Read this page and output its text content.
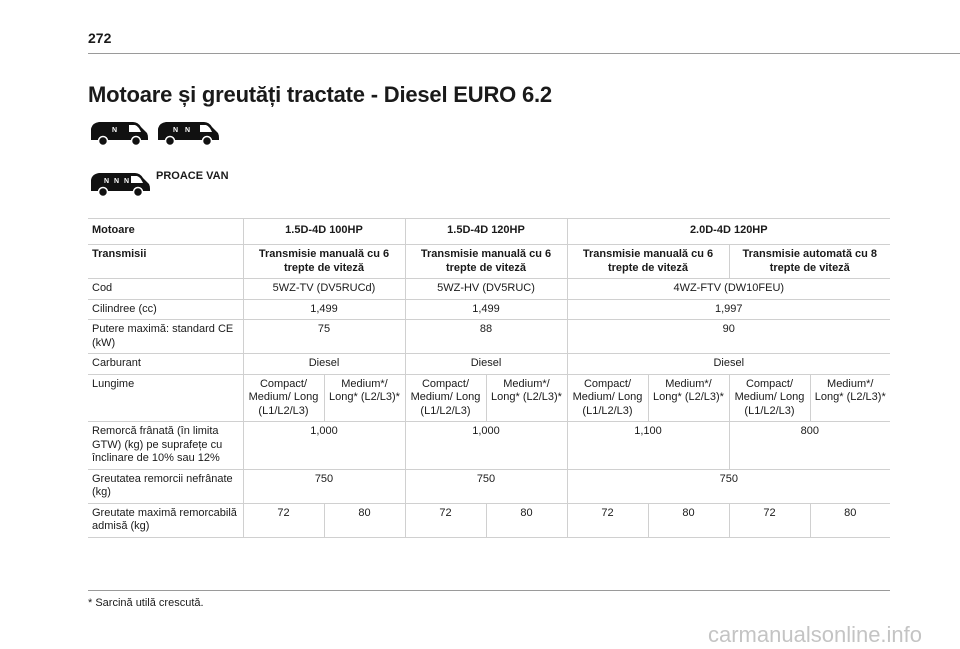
272
Motoare și greutăți tractate - Diesel EURO 6.2
N	N N
N N N PROACE VAN
Motoare	1.5D-4D 100HP		1.5D-4D 120HP		2.0D-4D 120HP			
Transmisii	Transmisie manuală cu 6 trepte de viteză		Transmisie manuală cu 6 trepte de viteză		Transmisie manuală cu 6 trepte de viteză		Transmisie automată cu 8 trepte de viteză	
Cod	5WZ-TV (DV5RUCd)		5WZ-HV (DV5RUC)		4WZ-FTV (DW10FEU)			
Cilindree (cc)	1,499		1,499		1,997			
Putere maximă: standard CE (kW)	75		88		90			
Carburant	Diesel		Diesel		Diesel			
Lungime	Compact/ Medium/ Long (L1/L2/L3)	Medium*/ Long* (L2/L3)*	Compact/ Medium/ Long (L1/L2/L3)	Medium*/ Long* (L2/L3)*	Compact/ Medium/ Long (L1/L2/L3)	Medium*/ Long* (L2/L3)*	Compact/ Medium/ Long (L1/L2/L3)	Medium*/ Long* (L2/L3)*
Remorcă frânată (în limita GTW) (kg) pe suprafețe cu înclinare de 10% sau 12%	1,000		1,000		1,100		800	
Greutatea remorcii nefrânate (kg)	750		750		750			
Greutate maximă remorcabilă admisă (kg)	72	80	72	80	72	80	72	80
* Sarcină utilă crescută.
carmanualsonline.info
